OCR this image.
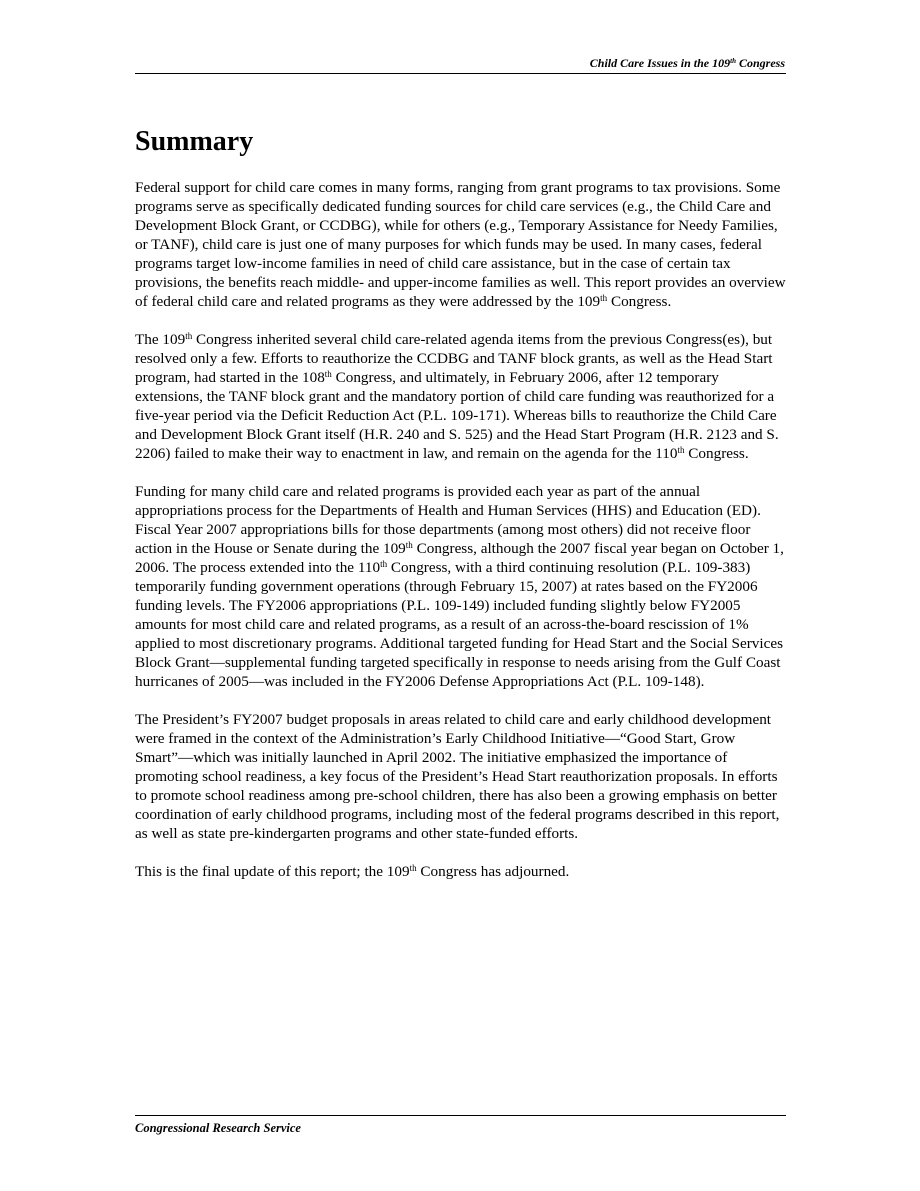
Child Care Issues in the 109th Congress
Summary

Federal support for child care comes in many forms, ranging from grant programs to tax provisions. Some programs serve as specifically dedicated funding sources for child care services (e.g., the Child Care and Development Block Grant, or CCDBG), while for others (e.g., Temporary Assistance for Needy Families, or TANF), child care is just one of many purposes for which funds may be used. In many cases, federal programs target low-income families in need of child care assistance, but in the case of certain tax provisions, the benefits reach middle- and upper-income families as well. This report provides an overview of federal child care and related programs as they were addressed by the 109th Congress.

The 109th Congress inherited several child care-related agenda items from the previous Congress(es), but resolved only a few. Efforts to reauthorize the CCDBG and TANF block grants, as well as the Head Start program, had started in the 108th Congress, and ultimately, in February 2006, after 12 temporary extensions, the TANF block grant and the mandatory portion of child care funding was reauthorized for a five-year period via the Deficit Reduction Act (P.L. 109-171). Whereas bills to reauthorize the Child Care and Development Block Grant itself (H.R. 240 and S. 525) and the Head Start Program (H.R. 2123 and S. 2206) failed to make their way to enactment in law, and remain on the agenda for the 110th Congress.

Funding for many child care and related programs is provided each year as part of the annual appropriations process for the Departments of Health and Human Services (HHS) and Education (ED). Fiscal Year 2007 appropriations bills for those departments (among most others) did not receive floor action in the House or Senate during the 109th Congress, although the 2007 fiscal year began on October 1, 2006. The process extended into the 110th Congress, with a third continuing resolution (P.L. 109-383) temporarily funding government operations (through February 15, 2007) at rates based on the FY2006 funding levels. The FY2006 appropriations (P.L. 109-149) included funding slightly below FY2005 amounts for most child care and related programs, as a result of an across-the-board rescission of 1% applied to most discretionary programs. Additional targeted funding for Head Start and the Social Services Block Grant—supplemental funding targeted specifically in response to needs arising from the Gulf Coast hurricanes of 2005—was included in the FY2006 Defense Appropriations Act (P.L. 109-148).

The President’s FY2007 budget proposals in areas related to child care and early childhood development were framed in the context of the Administration’s Early Childhood Initiative—“Good Start, Grow Smart”—which was initially launched in April 2002. The initiative emphasized the importance of promoting school readiness, a key focus of the President’s Head Start reauthorization proposals. In efforts to promote school readiness among pre-school children, there has also been a growing emphasis on better coordination of early childhood programs, including most of the federal programs described in this report, as well as state pre-kindergarten programs and other state-funded efforts.

This is the final update of this report; the 109th Congress has adjourned.

Congressional Research Service
